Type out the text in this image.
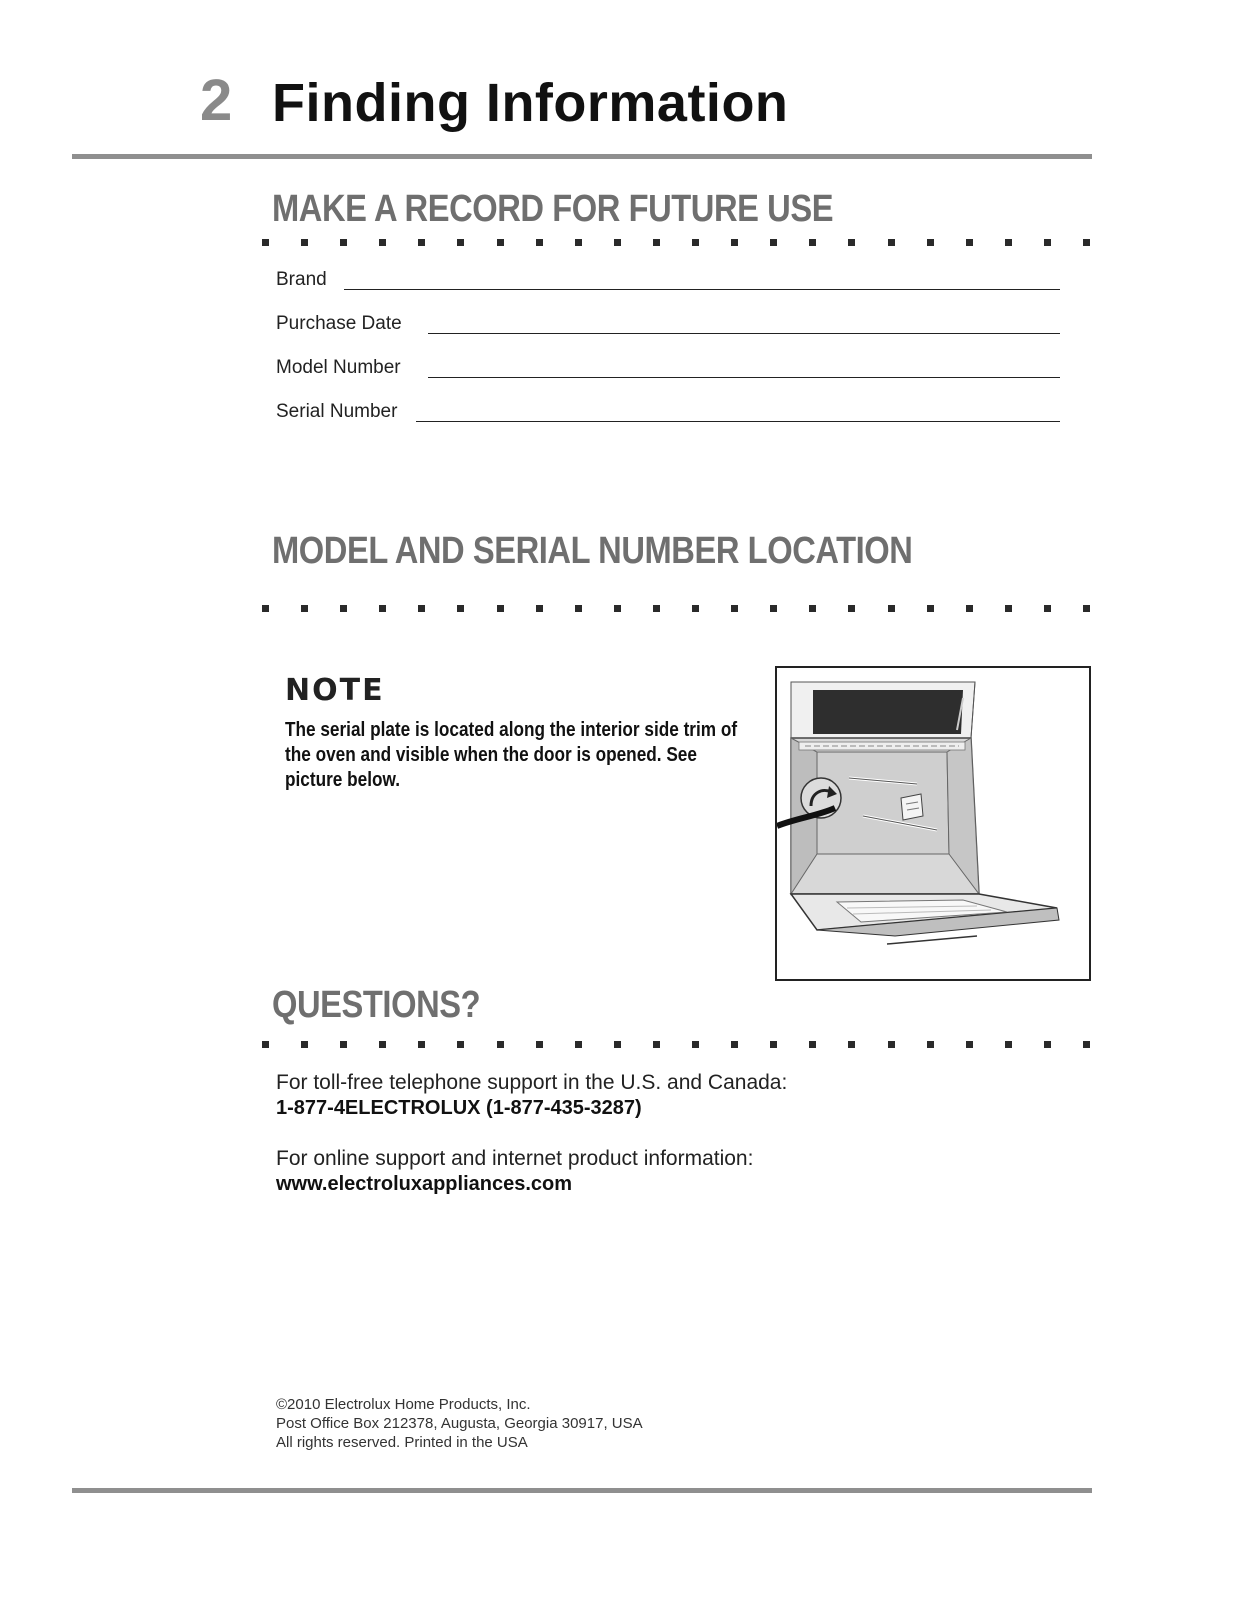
2 Finding Information
MAKE A RECORD FOR FUTURE USE
Brand
Purchase Date
Model Number
Serial Number
MODEL AND SERIAL NUMBER LOCATION
NOTE
The serial plate is located along the interior side trim of the oven and visible when the door is opened. See picture below.
QUESTIONS?
For toll-free telephone support in the U.S. and Canada:
1-877-4ELECTROLUX (1-877-435-3287)
For online support and internet product information:
www.electroluxappliances.com
©2010 Electrolux Home Products, Inc.
Post Office Box 212378, Augusta, Georgia 30917, USA
All rights reserved. Printed in the USA
